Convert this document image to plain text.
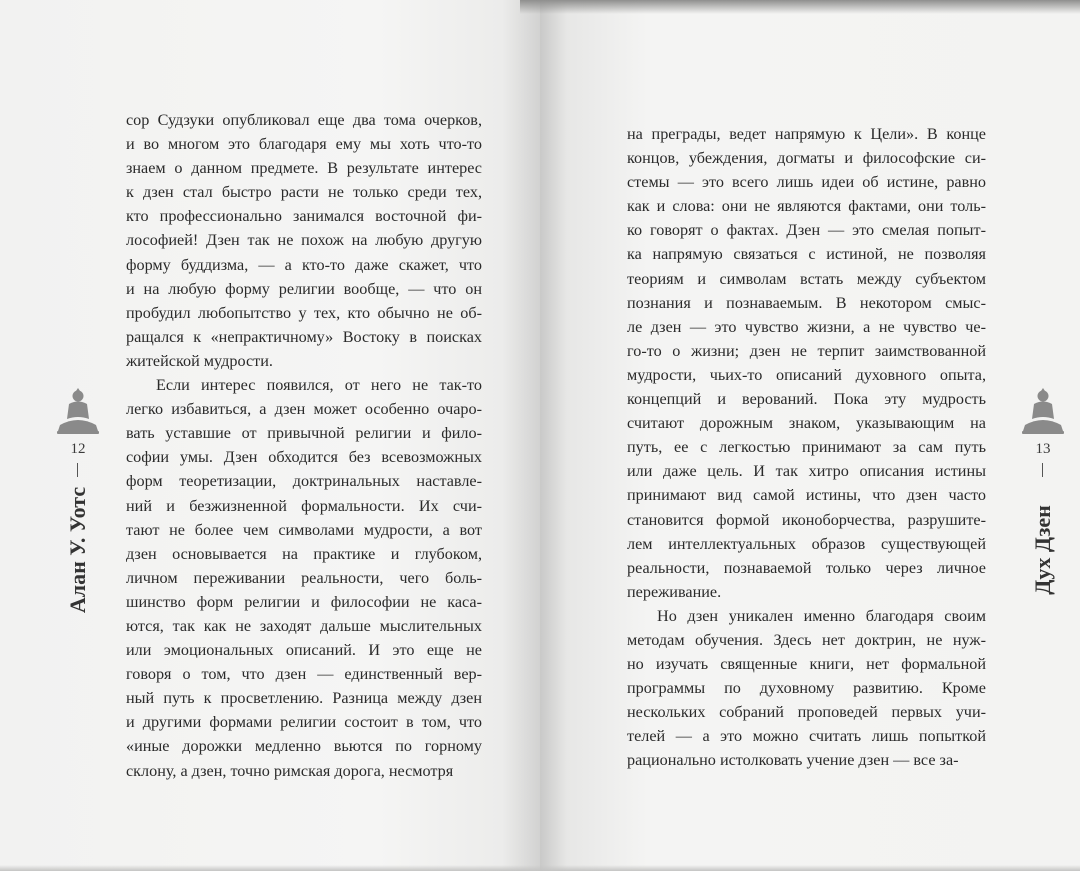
сор Судзуки опубликовал еще два тома очерков,
и во многом это благодаря ему мы хоть что-то
знаем о данном предмете. В результате интерес
к дзен стал быстро расти не только среди тех,
кто профессионально занимался восточной фи-
лософией! Дзен так не похож на любую другую
форму буддизма, — а кто-то даже скажет, что
и на любую форму религии вообще, — что он
пробудил любопытство у тех, кто обычно не об-
ращался к «непрактичному» Востоку в поисках
житейской мудрости.
Если интерес появился, от него не так-то
легко избавиться, а дзен может особенно очаро-
вать уставшие от привычной религии и фило-
софии умы. Дзен обходится без всевозможных
форм теоретизации, доктринальных наставле-
ний и безжизненной формальности. Их счи-
тают не более чем символами мудрости, а вот
дзен основывается на практике и глубоком,
личном переживании реальности, чего боль-
шинство форм религии и философии не каса-
ются, так как не заходят дальше мыслительных
или эмоциональных описаний. И это еще не
говоря о том, что дзен — единственный вер-
ный путь к просветлению. Разница между дзен
и другими формами религии состоит в том, что
«иные дорожки медленно вьются по горному
склону, а дзен, точно римская дорога, несмотря
12
Алан У. Уотс
на преграды, ведет напрямую к Цели». В конце
концов, убеждения, догматы и философские си-
стемы — это всего лишь идеи об истине, равно
как и слова: они не являются фактами, они толь-
ко говорят о фактах. Дзен — это смелая попыт-
ка напрямую связаться с истиной, не позволяя
теориям и символам встать между субъектом
познания и познаваемым. В некотором смыс-
ле дзен — это чувство жизни, а не чувство че-
го-то о жизни; дзен не терпит заимствованной
мудрости, чьих-то описаний духовного опыта,
концепций и верований. Пока эту мудрость
считают дорожным знаком, указывающим на
путь, ее с легкостью принимают за сам путь
или даже цель. И так хитро описания истины
принимают вид самой истины, что дзен часто
становится формой иконоборчества, разрушите-
лем интеллектуальных образов существующей
реальности, познаваемой только через личное
переживание.
Но дзен уникален именно благодаря своим
методам обучения. Здесь нет доктрин, не нуж-
но изучать священные книги, нет формальной
программы по духовному развитию. Кроме
нескольких собраний проповедей первых учи-
телей — а это можно считать лишь попыткой
рационально истолковать учение дзен — все за-
13
Дух Дзен
